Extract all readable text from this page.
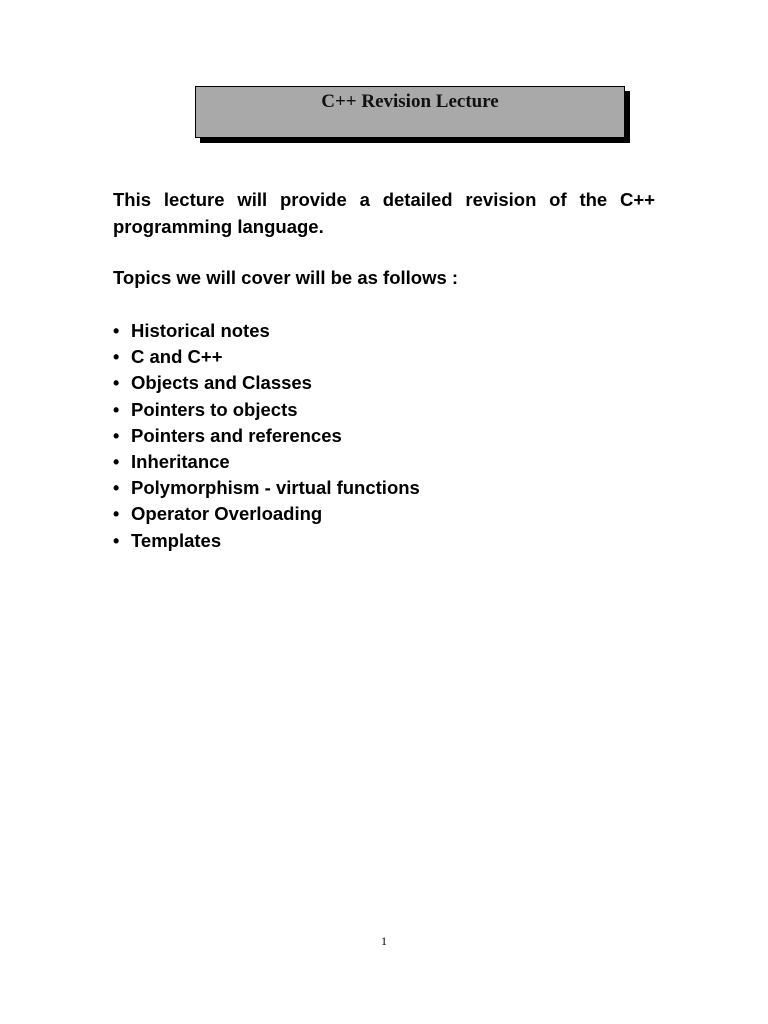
C++ Revision Lecture

This lecture will provide a detailed revision of the C++ programming language.

Topics we will cover will be as follows :

• Historical notes
• C and C++
• Objects and Classes
• Pointers to objects
• Pointers and references
• Inheritance
• Polymorphism - virtual functions
• Operator Overloading
• Templates
1
